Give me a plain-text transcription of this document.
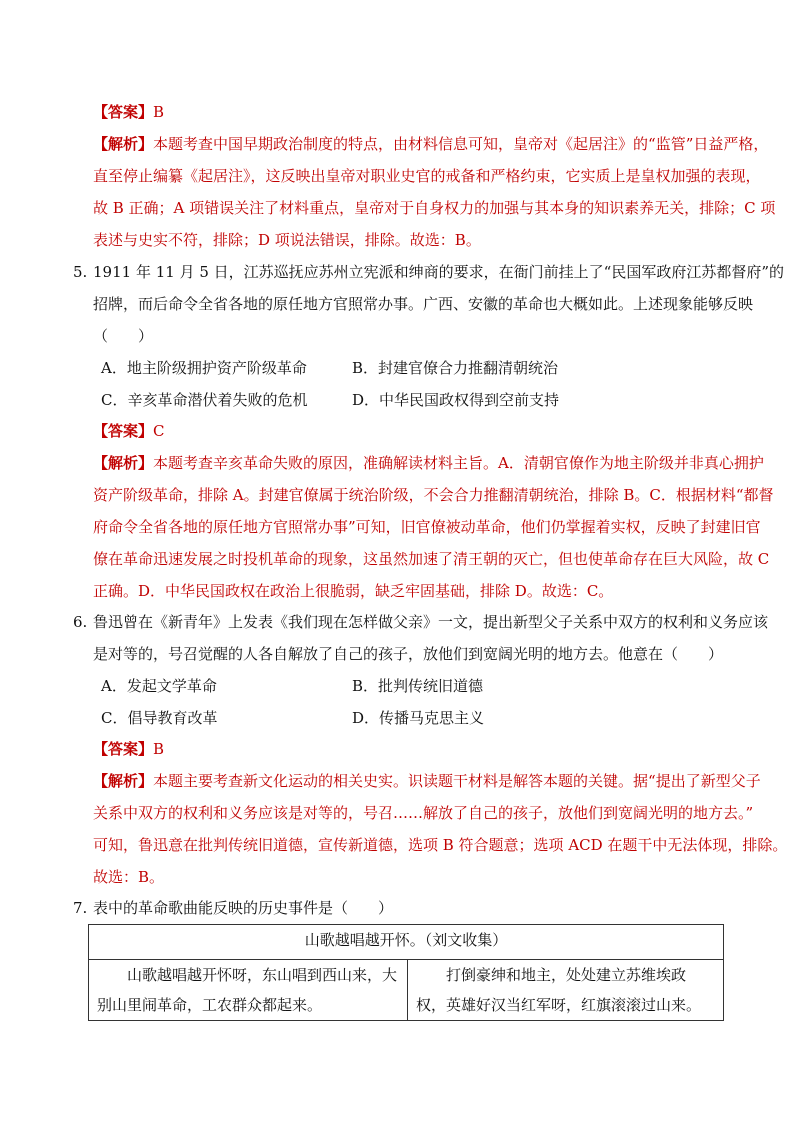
【答案】B
【解析】本题考查中国早期政治制度的特点，由材料信息可知，皇帝对《起居注》的“监管”日益严格，
直至停止编纂《起居注》，这反映出皇帝对职业史官的戒备和严格约束，它实质上是皇权加强的表现，
故 B 正确；A 项错误关注了材料重点，皇帝对于自身权力的加强与其本身的知识素养无关，排除；C 项
表述与史实不符，排除；D 项说法错误，排除。故选：B。
5. 1911 年 11 月 5 日，江苏巡抚应苏州立宪派和绅商的要求，在衙门前挂上了“民国军政府江苏都督府”的
招牌，而后命令全省各地的原任地方官照常办事。广西、安徽的革命也大概如此。上述现象能够反映
（　　）
A．地主阶级拥护资产阶级革命	B．封建官僚合力推翻清朝统治
C．辛亥革命潜伏着失败的危机	D．中华民国政权得到空前支持
【答案】C
【解析】本题考查辛亥革命失败的原因，准确解读材料主旨。A．清朝官僚作为地主阶级并非真心拥护
资产阶级革命，排除 A。封建官僚属于统治阶级，不会合力推翻清朝统治，排除 B。C．根据材料“都督
府命令全省各地的原任地方官照常办事”可知，旧官僚被动革命，他们仍掌握着实权，反映了封建旧官
僚在革命迅速发展之时投机革命的现象，这虽然加速了清王朝的灭亡，但也使革命存在巨大风险，故 C
正确。D．中华民国政权在政治上很脆弱，缺乏牢固基础，排除 D。故选：C。
6. 鲁迅曾在《新青年》上发表《我们现在怎样做父亲》一文，提出新型父子关系中双方的权利和义务应该
是对等的，号召觉醒的人各自解放了自己的孩子，放他们到宽阔光明的地方去。他意在（　　）
A．发起文学革命	B．批判传统旧道德
C．倡导教育改革	D．传播马克思主义
【答案】B
【解析】本题主要考查新文化运动的相关史实。识读题干材料是解答本题的关键。据“提出了新型父子
关系中双方的权利和义务应该是对等的，号召……解放了自己的孩子，放他们到宽阔光明的地方去。”
可知，鲁迅意在批判传统旧道德，宣传新道德，选项 B 符合题意；选项 ACD 在题干中无法体现，排除。
故选：B。
7. 表中的革命歌曲能反映的历史事件是（　　）
山歌越唱越开怀。（刘文收集）
山歌越唱越开怀呀，东山唱到西山来，大别山里闹革命，工农群众都起来。	打倒豪绅和地主，处处建立苏维埃政权，英雄好汉当红军呀，红旗滚滚过山来。
